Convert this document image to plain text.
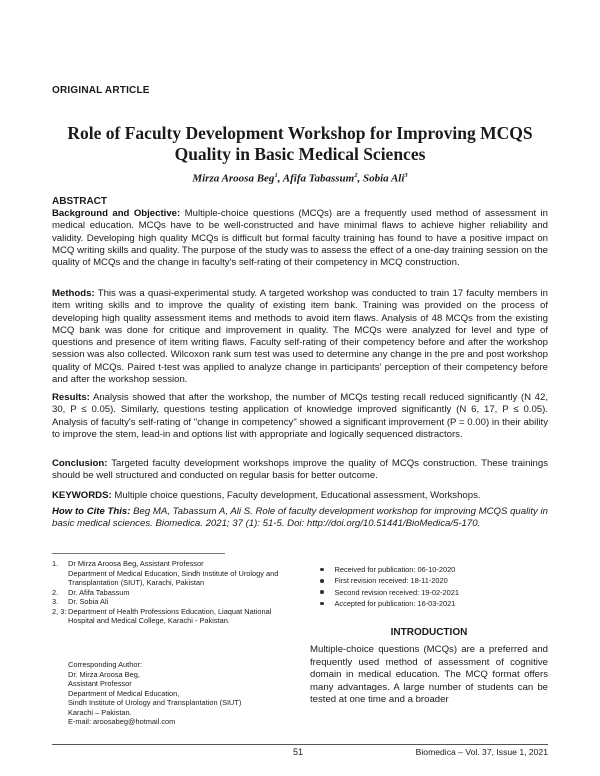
ORIGINAL ARTICLE
Role of Faculty Development Workshop for Improving MCQS
Quality in Basic Medical Sciences
Mirza Aroosa Beg$^1$, Afifa Tabassum$^2$, Sobia Ali$^3$
ABSTRACT
Background and Objective: Multiple-choice questions (MCQs) are a frequently used method of assessment in medical education. MCQs have to be well-constructed and have minimal flaws to achieve higher reliability and validity. Developing high quality MCQs is difficult but formal faculty training has found to have a positive impact on MCQ writing skills and quality. The purpose of the study was to assess the effect of a one-day training session on the quality of MCQs and the change in faculty's self-rating of their competency in MCQ construction.
Methods: This was a quasi-experimental study. A targeted workshop was conducted to train 17 faculty members in item writing skills and to improve the quality of existing item bank. Training was provided on the process of developing high quality assessment items and methods to avoid item flaws. Analysis of 48 MCQs from the existing MCQ bank was done for critique and improvement in quality. The MCQs were analyzed for level and type of questions and presence of item writing flaws. Faculty self-rating of their competency before and after the workshop session was also collected. Wilcoxon rank sum test was used to determine any change in the pre and post workshop quality of MCQs. Paired t-test was applied to analyze change in participants' perception of their competency before and after the workshop session.
Results: Analysis showed that after the workshop, the number of MCQs testing recall reduced significantly (N 42, 30, P ≤ 0.05). Similarly, questions testing application of knowledge improved significantly (N 6, 17, P ≤ 0.05). Analysis of faculty's self-rating of "change in competency" showed a significant improvement (P = 0.00) in their ability to improve the stem, lead-in and options list with appropriate and logically sequenced distractors.
Conclusion: Targeted faculty development workshops improve the quality of MCQs construction. These trainings should be well structured and conducted on regular basis for better outcome.
KEYWORDS: Multiple choice questions, Faculty development, Educational assessment, Workshops.
How to Cite This: Beg MA, Tabassum A, Ali S. Role of faculty development workshop for improving MCQS quality in basic medical sciences. Biomedica. 2021; 37 (1): 51-5. Doi: http://doi.org/10.51441/BioMedica/5-170.
1.	Dr Mirza Aroosa Beg, Assistant Professor
Department of Medical Education, Sindh Institute of Urology and Transplantation (SIUT), Karachi, Pakistan
2.	Dr. Afifa Tabassum
3.	Dr. Sobia Ali
2, 3: Department of Health Professions Education, Liaquat National Hospital and Medical College, Karachi - Pakistan.
Corresponding Author:
Dr. Mirza Aroosa Beg,
Assistant Professor
Department of Medical Education,
Sindh Institute of Urology and Transplantation (SIUT)
Karachi – Pakistan.
E-mail: aroosabeg@hotmail.com
Received for publication: 06-10-2020
First revision received: 18-11-2020
Second revision received: 19-02-2021
Accepted for publication: 16-03-2021
INTRODUCTION
Multiple-choice questions (MCQs) are a preferred and frequently used method of assessment of cognitive domain in medical education. The MCQ format offers many advantages. A large number of students can be tested at one time and a broader
51	Biomedica – Vol. 37, Issue 1, 2021
